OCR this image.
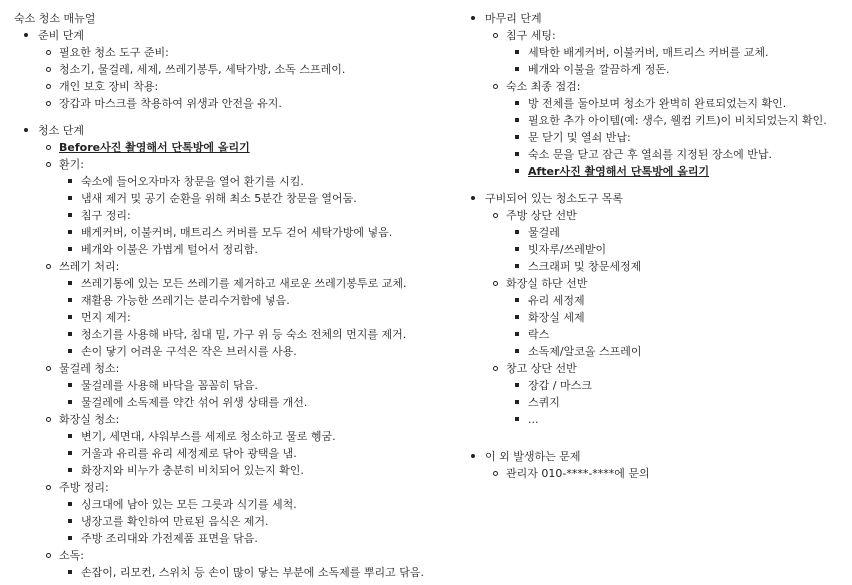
숙소 청소 매뉴얼
준비 단계
필요한 청소 도구 준비:
청소기, 물걸레, 세제, 쓰레기봉투, 세탁가방, 소독 스프레이.
개인 보호 장비 착용:
장갑과 마스크를 착용하여 위생과 안전을 유지.
청소 단계
Before사진 촬영해서 단톡방에 올리기
환기:
숙소에 들어오자마자 창문을 열어 환기를 시킴.
냄새 제거 및 공기 순환을 위해 최소 5분간 창문을 열어둠.
침구 정리:
배게커버, 이불커버, 매트리스 커버를 모두 걷어 세탁가방에 넣음.
베개와 이불은 가볍게 털어서 정리함.
쓰레기 처리:
쓰레기통에 있는 모든 쓰레기를 제거하고 새로운 쓰레기봉투로 교체.
재활용 가능한 쓰레기는 분리수거함에 넣음.
먼지 제거:
청소기를 사용해 바닥, 침대 밑, 가구 위 등 숙소 전체의 먼지를 제거.
손이 닿기 어려운 구석은 작은 브러시를 사용.
물걸레 청소:
물걸레를 사용해 바닥을 꼼꼼히 닦음.
물걸레에 소독제를 약간 섞어 위생 상태를 개선.
화장실 청소:
변기, 세면대, 샤워부스를 세제로 청소하고 물로 헹굼.
거울과 유리를 유리 세정제로 닦아 광택을 냄.
화장지와 비누가 충분히 비치되어 있는지 확인.
주방 정리:
싱크대에 남아 있는 모든 그릇과 식기를 세척.
냉장고를 확인하여 만료된 음식은 제거.
주방 조리대와 가전제품 표면을 닦음.
소독:
손잡이, 리모컨, 스위치 등 손이 많이 닿는 부분에 소독제를 뿌리고 닦음.
마무리 단계
침구 세팅:
세탁한 배게커버, 이불커버, 매트리스 커버를 교체.
베개와 이불을 깔끔하게 정돈.
숙소 최종 점검:
방 전체를 둘아보며 청소가 완벽히 완료되었는지 확인.
필요한 추가 아이템(예: 생수, 웰컴 키트)이 비치되었는지 확인.
문 닫기 및 열쇠 반납:
숙소 문을 닫고 잠근 후 열쇠를 지정된 장소에 반납.
After사진 촬영해서 단톡방에 올리기
구비되어 있는 청소도구 목록
주방 상단 선반
물걸레
빗자루/쓰레받이
스크래퍼 및 창문세정제
화장실 하단 선반
유리 세정제
화장실 세제
락스
소독제/알코올 스프레이
창고 상단 선반
장갑 / 마스크
스퀴지
...
이 외 발생하는 문제
관리자 010-****-****에 문의
